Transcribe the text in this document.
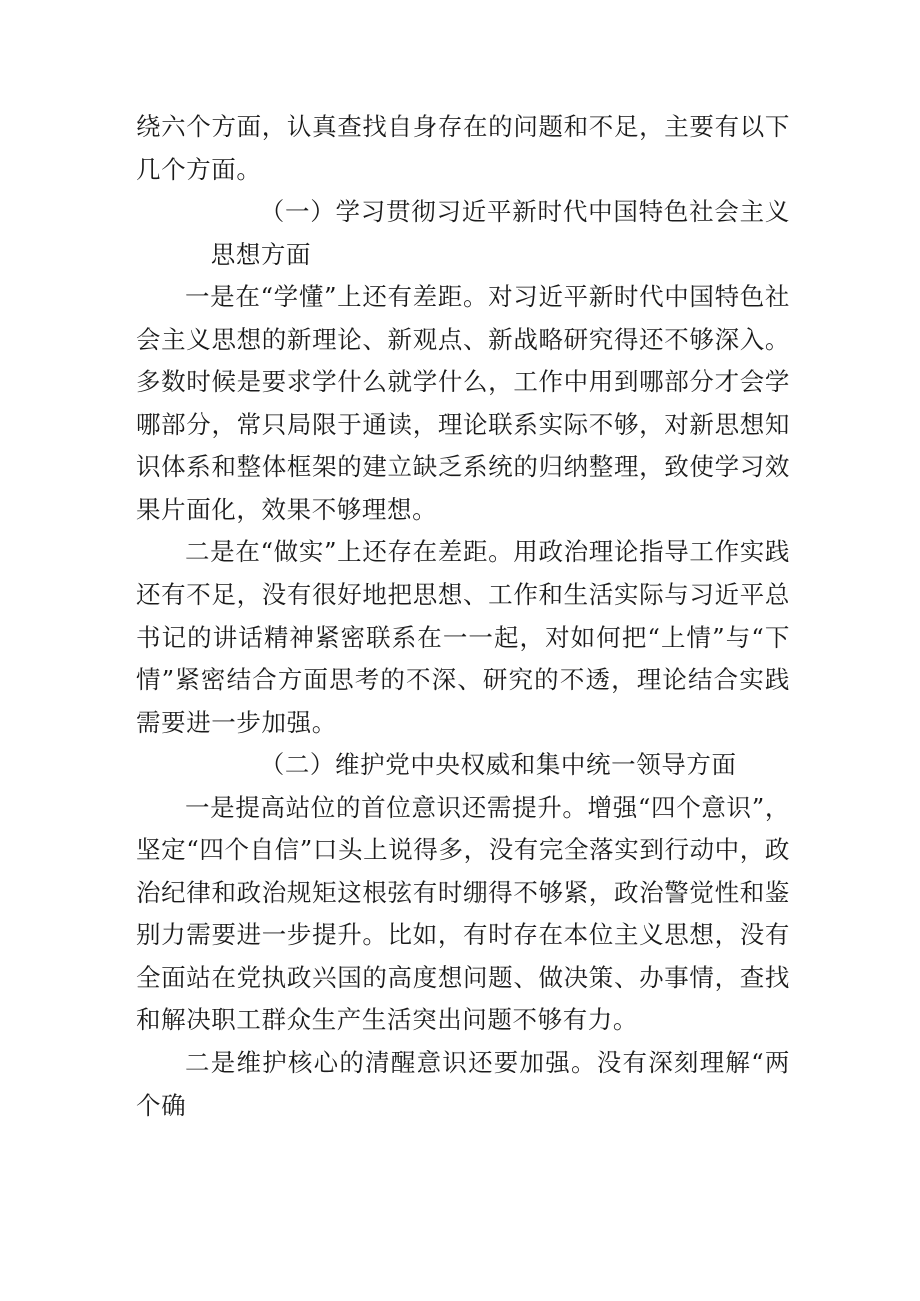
绕六个方面，认真查找自身存在的问题和不足，主要有以下几个方面。

（一）学习贯彻习近平新时代中国特色社会主义思想方面

一是在“学懂”上还有差距。对习近平新时代中国特色社会主义思想的新理论、新观点、新战略研究得还不够深入。多数时候是要求学什么就学什么，工作中用到哪部分才会学哪部分，常只局限于通读，理论联系实际不够，对新思想知识体系和整体框架的建立缺乏系统的归纳整理，致使学习效果片面化，效果不够理想。

二是在“做实”上还存在差距。用政治理论指导工作实践还有不足，没有很好地把思想、工作和生活实际与习近平总书记的讲话精神紧密联系在一一起，对如何把“上情”与“下情”紧密结合方面思考的不深、研究的不透，理论结合实践需要进一步加强。

（二）维护党中央权威和集中统一领导方面

一是提高站位的首位意识还需提升。增强“四个意识”，坚定“四个自信”口头上说得多，没有完全落实到行动中，政治纪律和政治规矩这根弦有时绷得不够紧，政治警觉性和鉴别力需要进一步提升。比如，有时存在本位主义思想，没有全面站在党执政兴国的高度想问题、做决策、办事情，查找和解决职工群众生产生活突出问题不够有力。

二是维护核心的清醒意识还要加强。没有深刻理解“两个确
